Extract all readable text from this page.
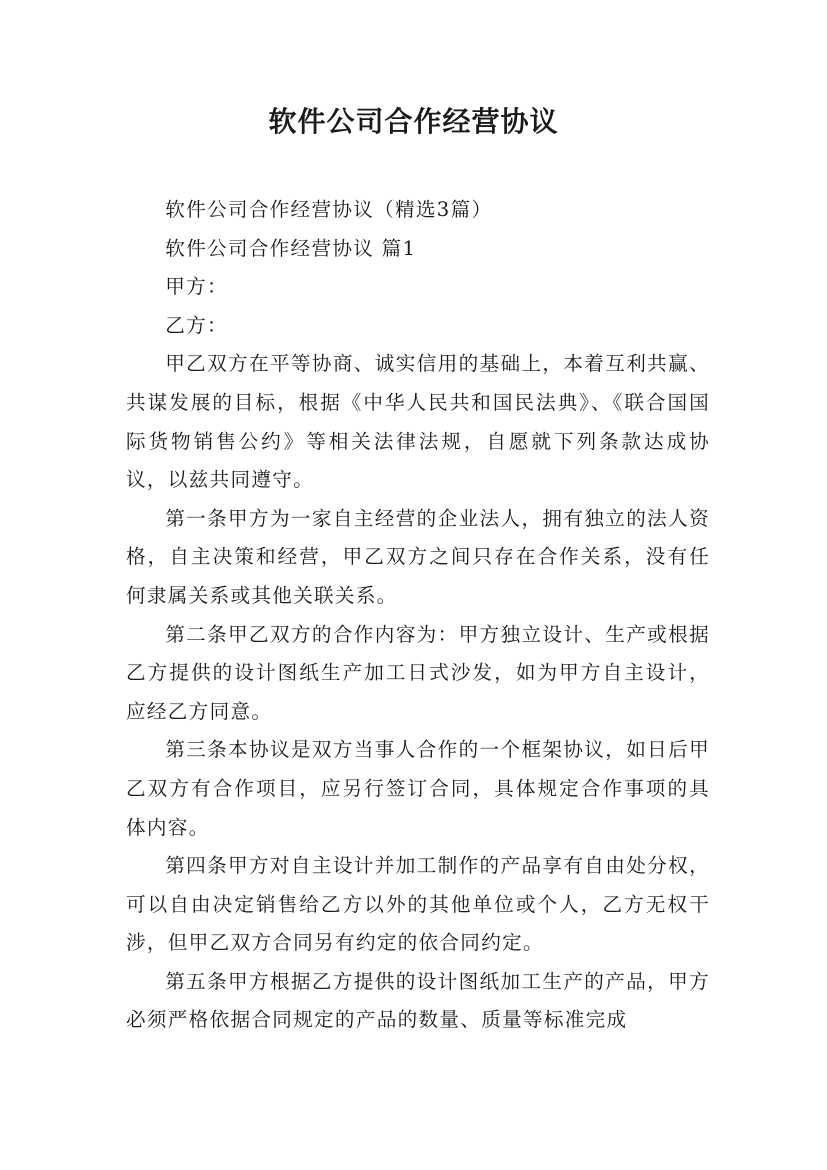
软件公司合作经营协议

软件公司合作经营协议（精选3篇）

软件公司合作经营协议 篇1

甲方：

乙方：

甲乙双方在平等协商、诚实信用的基础上，本着互利共赢、共谋发展的目标，根据《中华人民共和国民法典》、《联合国国际货物销售公约》等相关法律法规，自愿就下列条款达成协议，以兹共同遵守。

第一条甲方为一家自主经营的企业法人，拥有独立的法人资格，自主决策和经营，甲乙双方之间只存在合作关系，没有任何隶属关系或其他关联关系。

第二条甲乙双方的合作内容为：甲方独立设计、生产或根据乙方提供的设计图纸生产加工日式沙发，如为甲方自主设计，应经乙方同意。

第三条本协议是双方当事人合作的一个框架协议，如日后甲乙双方有合作项目，应另行签订合同，具体规定合作事项的具体内容。

第四条甲方对自主设计并加工制作的产品享有自由处分权，可以自由决定销售给乙方以外的其他单位或个人，乙方无权干涉，但甲乙双方合同另有约定的依合同约定。

第五条甲方根据乙方提供的设计图纸加工生产的产品，甲方必须严格依据合同规定的产品的数量、质量等标准完成
